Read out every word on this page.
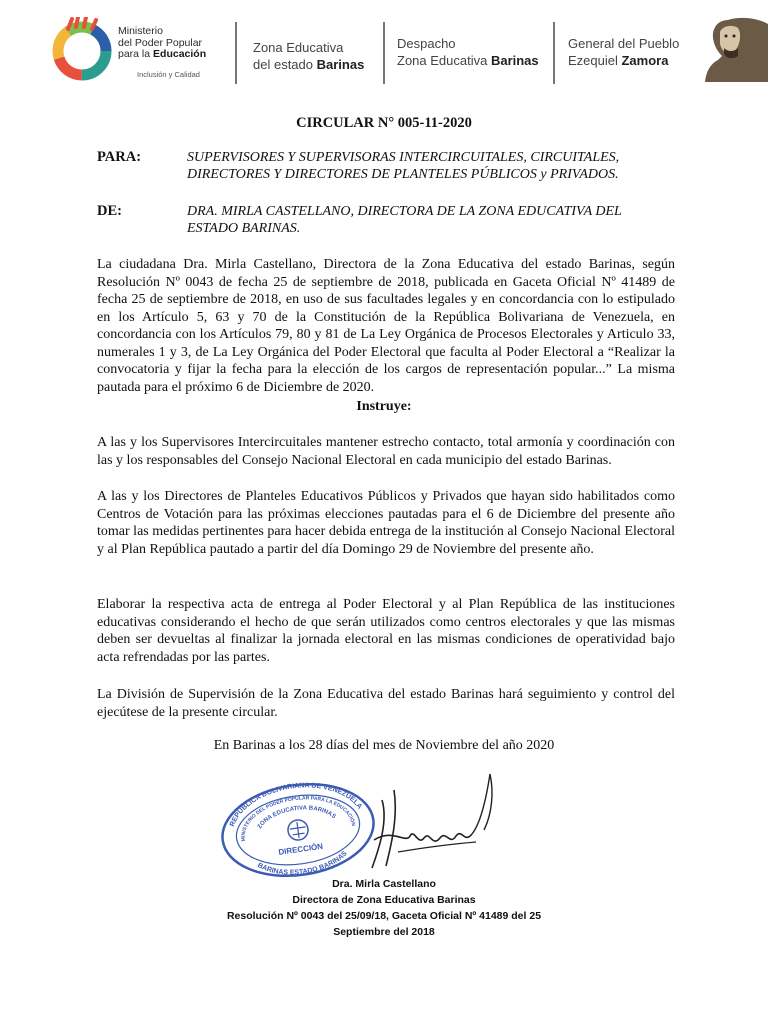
Ministerio
del Poder Popular
para la Educación
Inclusión y Calidad
Zona Educativa
del estado Barinas
Despacho
Zona Educativa Barinas
General del Pueblo
Ezequiel Zamora
CIRCULAR N° 005-11-2020
PARA:	SUPERVISORES Y SUPERVISORAS INTERCIRCUITALES, CIRCUITALES,
DIRECTORES Y DIRECTORES DE PLANTELES PÚBLICOS y PRIVADOS.
DE:	DRA. MIRLA CASTELLANO, DIRECTORA DE LA ZONA EDUCATIVA DEL
ESTADO BARINAS.

La ciudadana Dra. Mirla Castellano, Directora de la Zona Educativa del estado Barinas, según Resolución Nº 0043 de fecha 25 de septiembre de 2018, publicada en Gaceta Oficial Nº 41489 de fecha 25 de septiembre de 2018, en uso de sus facultades legales y en concordancia con lo estipulado en los Artículo 5, 63 y 70 de la Constitución de la República Bolivariana de Venezuela, en concordancia con los Artículos 79, 80 y 81 de La Ley Orgánica de Procesos Electorales y Articulo 33, numerales 1 y 3, de La Ley Orgánica del Poder Electoral que faculta al Poder Electoral a “Realizar la convocatoria y fijar la fecha para la elección de los cargos de representación popular...” La misma pautada para el próximo 6 de Diciembre de 2020.

Instruye:

A las y los Supervisores Intercircuitales mantener estrecho contacto, total armonía y coordinación con las y los responsables del Consejo Nacional Electoral en cada municipio del estado Barinas.

A las y los Directores de Planteles Educativos Públicos y Privados que hayan sido habilitados como Centros de Votación para las próximas elecciones pautadas para el 6 de Diciembre del presente año tomar las medidas pertinentes para hacer debida entrega de la institución al Consejo Nacional Electoral y al Plan República pautado a partir del día Domingo 29 de Noviembre del presente año.

Elaborar la respectiva acta de entrega al Poder Electoral y al Plan República de las instituciones educativas considerando el hecho de que serán utilizados como centros electorales y que las mismas deben ser devueltas al finalizar la jornada electoral en las mismas condiciones de operatividad bajo acta refrendadas por las partes.

La División de Supervisión de la Zona Educativa del estado Barinas hará seguimiento y control del ejecútese de la presente circular.

En Barinas a los 28 días del mes de Noviembre del año 2020
REPÚBLICA BOLIVARIANA DE VENEZUELA
MINISTERIO DEL PODER POPULAR PARA LA EDUCACIÓN
ZONA EDUCATIVA BARINAS
DIRECCIÓN
BARINAS ESTADO BARINAS
Dra. Mirla Castellano
Directora de Zona Educativa Barinas
Resolución Nº 0043 del 25/09/18, Gaceta Oficial Nº 41489 del 25
Septiembre del 2018
